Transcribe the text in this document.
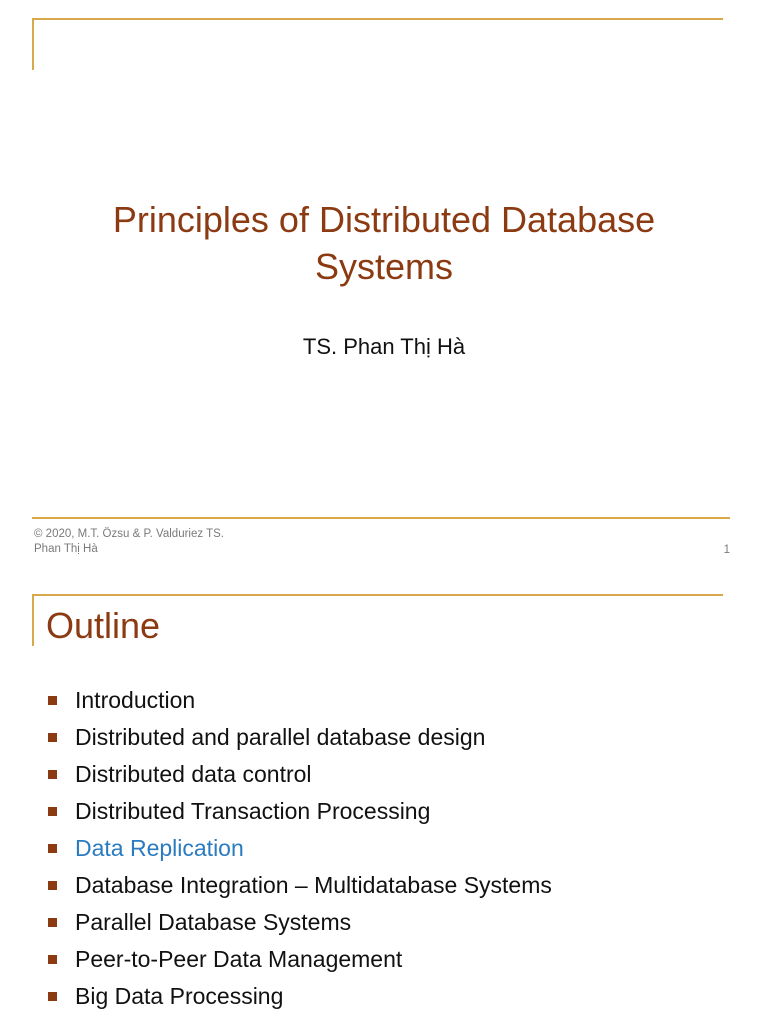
Principles of Distributed Database
Systems
TS. Phan Thị Hà
© 2020, M.T. Özsu & P. Valduriez TS.
Phan Thị Hà	1
Outline
Introduction
Distributed and parallel database design
Distributed data control
Distributed Transaction Processing
Data Replication
Database Integration – Multidatabase Systems
Parallel Database Systems
Peer-to-Peer Data Management
Big Data Processing
